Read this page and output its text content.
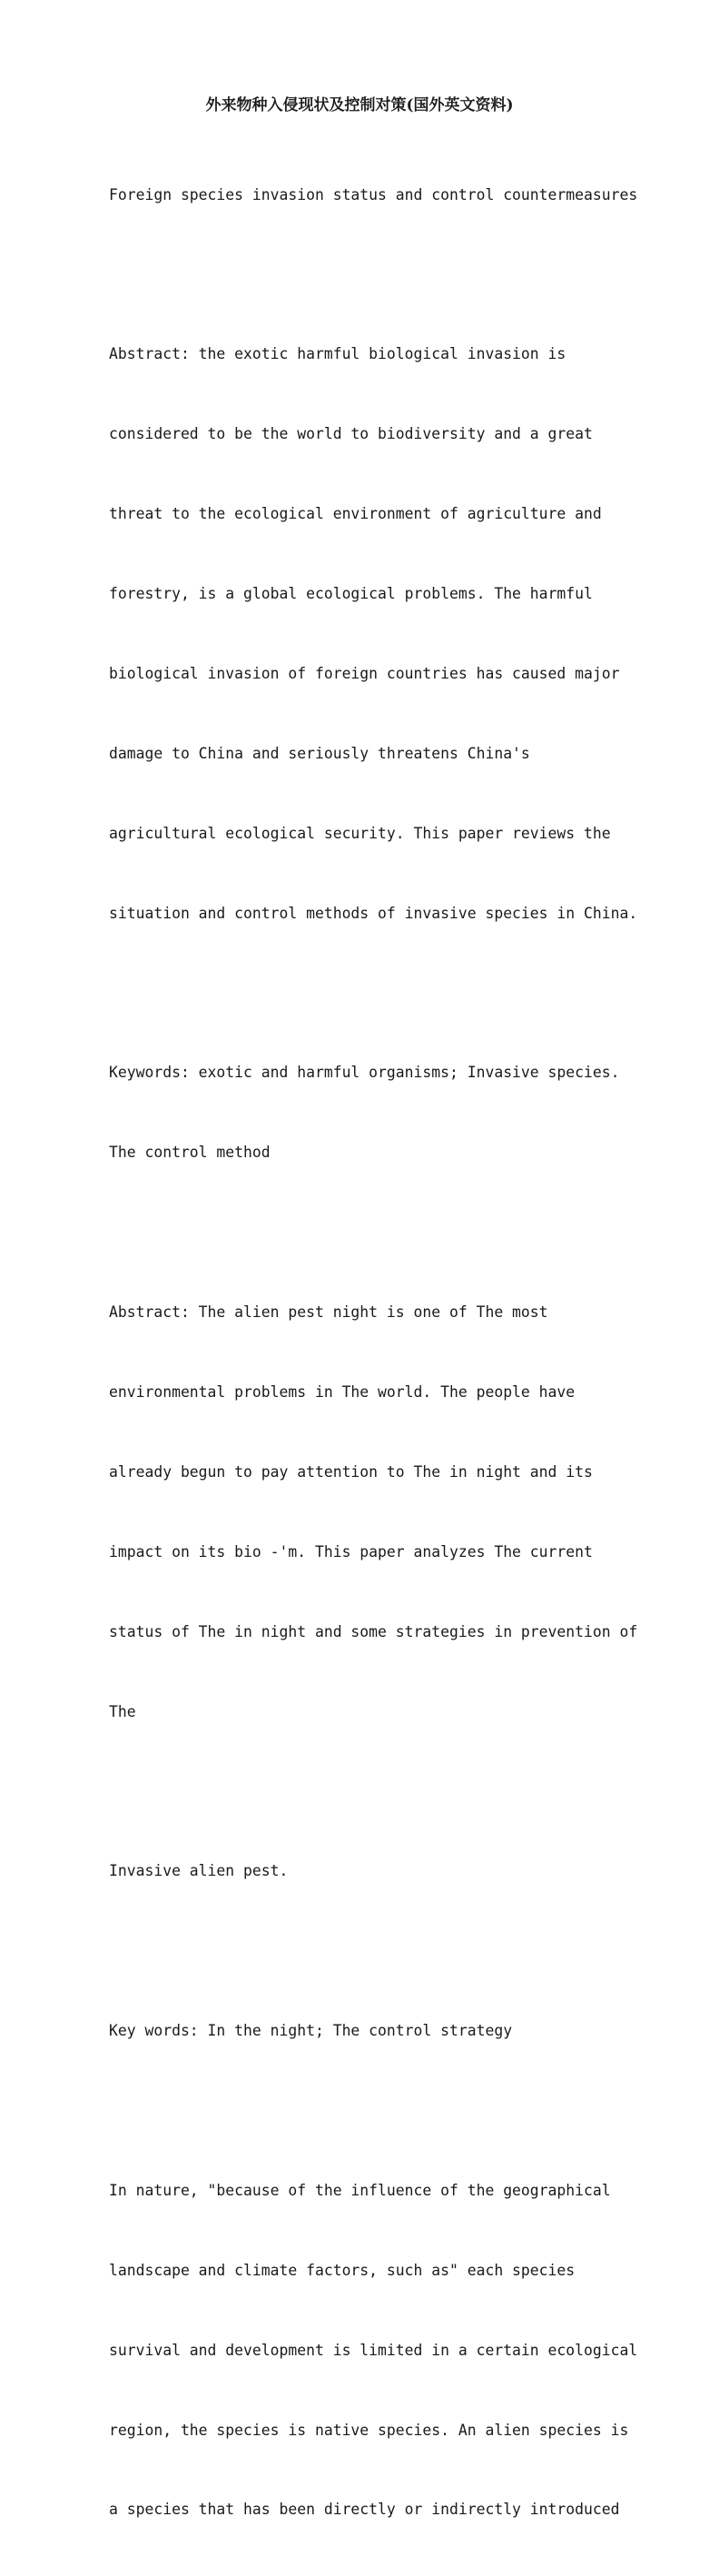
外来物种入侵现状及控制对策(国外英文资料)

Foreign species invasion status and control countermeasures

Abstract: the exotic harmful biological invasion is

considered to be the world to biodiversity and a great

threat to the ecological environment of agriculture and

forestry, is a global ecological problems. The harmful

biological invasion of foreign countries has caused major

damage to China and seriously threatens China's

agricultural ecological security. This paper reviews the

situation and control methods of invasive species in China.

Keywords: exotic and harmful organisms; Invasive species.

The control method

Abstract: The alien pest night is one of The most

environmental problems in The world. The people have

already begun to pay attention to The in night and its

impact on its bio -'m. This paper analyzes The current

status of The in night and some strategies in prevention of

The

Invasive alien pest.

Key words: In the night; The control strategy

In nature, "because of the influence of the geographical

landscape and climate factors, such as" each species

survival and development is limited in a certain ecological

region, the species is native species. An alien species is

a species that has been directly or indirectly introduced
